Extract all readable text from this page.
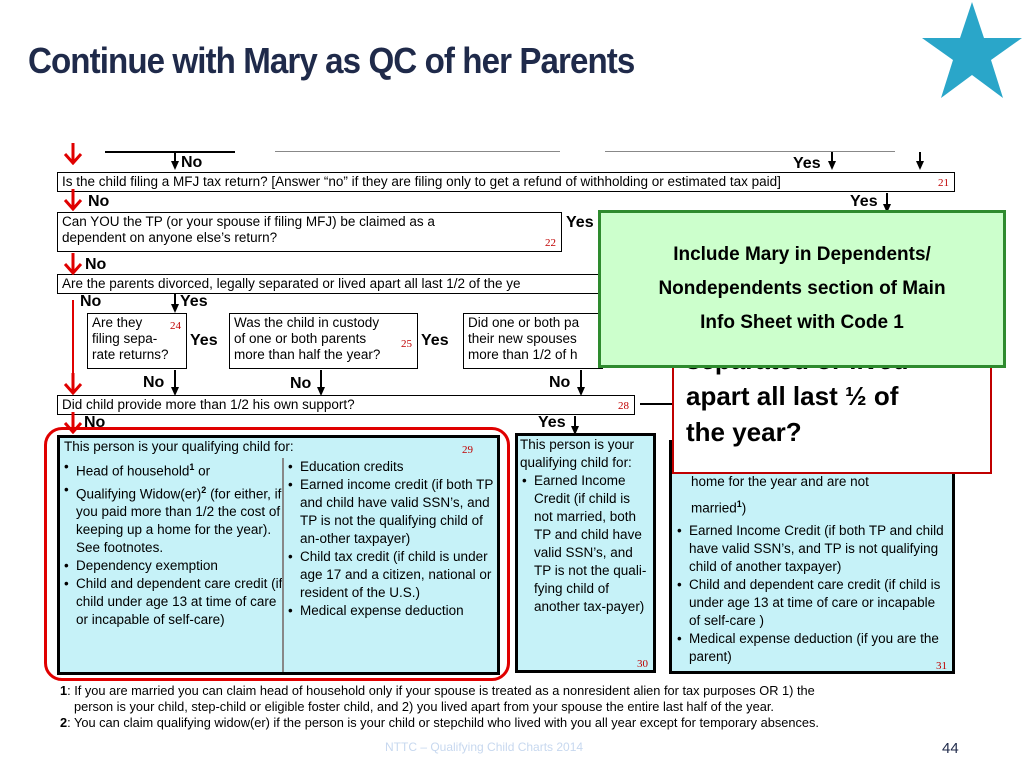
Continue with Mary as QC of her Parents
No	Yes
Is the child filing a MFJ tax return? [Answer “no” if they are filing only to get a refund of withholding or estimated tax paid]	21
No	Yes
Can YOU the TP (or your spouse if filing MFJ) be claimed as a
dependent on anyone else’s return?	22
Yes
No
Are the parents divorced, legally separated or lived apart all last 1/2 of the ye
No	Yes
Are they
filing sepa-
rate returns?
24
Yes
Was the child in custody
of one or both parents
more than half the year?
25 Yes
Did one or both pa
their new spouses
more than 1/2 of h
No	No	No
Did child provide more than 1/2 his own support?	28
No	Yes
This person is your qualifying child for:	29
• Head of household$^1$ or
• Qualifying Widow(er)$^2$ (for either, if you paid more than 1/2 the cost of keeping up a home for the year). See footnotes.
• Dependency exemption
• Child and dependent care credit (if child under age 13 at time of care or incapable of self-care)
• Education credits
• Earned income credit (if both TP and child have valid SSN’s, and TP is not the qualifying child of an-other taxpayer)
• Child tax credit (if child is under age 17 and a citizen, national or resident of the U.S.)
• Medical expense deduction
This person is your qualifying child for:
• Earned Income Credit (if child is not married, both TP and child have valid SSN’s, and TP is not the quali-fying child of another tax-payer)
30
home for the year and are not
married$^1$)
• Earned Income Credit (if both TP and child have valid SSN’s, and TP is not qualifying child of another taxpayer)
• Child and dependent care credit (if child is under age 13 at time of care or incapable of self-care )
• Medical expense deduction (if you are the parent)
31
apart all last ½ of
the year?
Include Mary in Dependents/
Nondependents section of Main
Info Sheet with Code 1
1: If you are married you can claim head of household only if your spouse is treated as a nonresident alien for tax purposes OR 1) the
person is your child, step-child or eligible foster child, and 2) you lived apart from your spouse the entire last half of the year.
2: You can claim qualifying widow(er) if the person is your child or stepchild who lived with you all year except for temporary absences.
NTTC – Qualifying Child Charts 2014	44
